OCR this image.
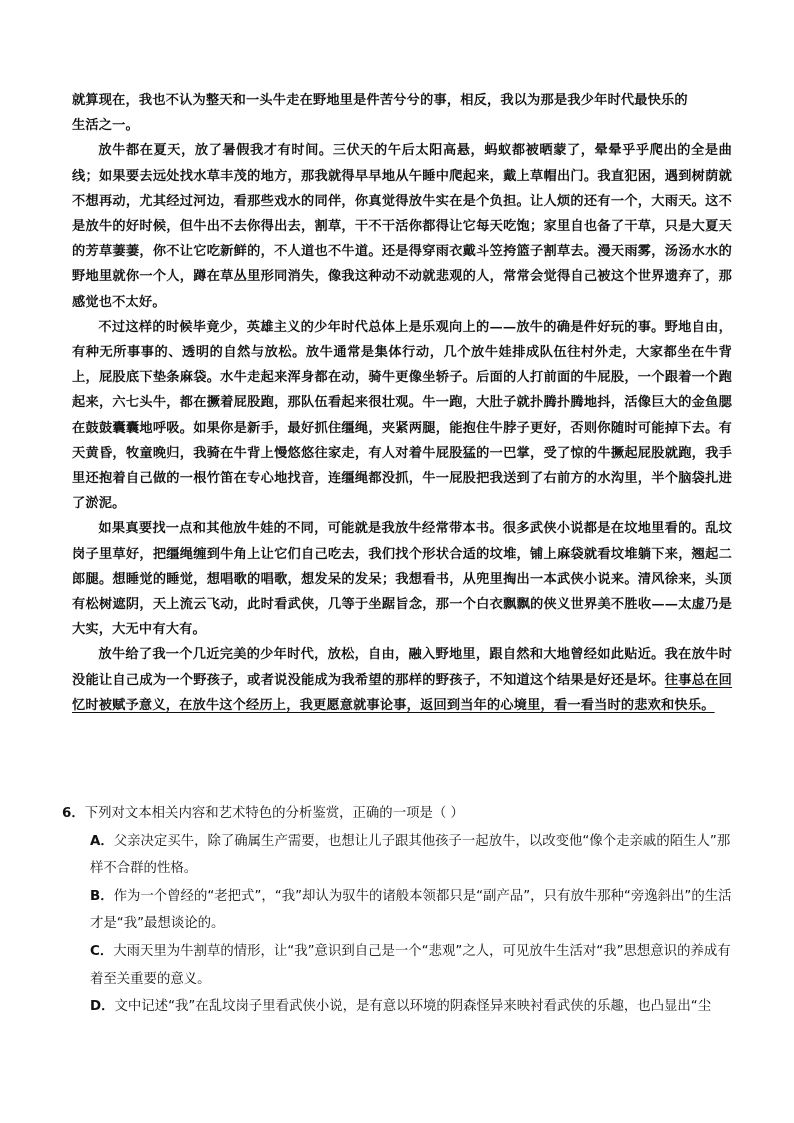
就算现在，我也不认为整天和一头牛走在野地里是件苦兮兮的事，相反，我以为那是我少年时代最快乐的
生活之一。

放牛都在夏天，放了暑假我才有时间。三伏天的午后太阳高悬，蚂蚁都被晒蒙了，晕晕乎乎爬出的全是曲线；如果要去远处找水草丰茂的地方，那我就得早早地从午睡中爬起来，戴上草帽出门。我直犯困，遇到树荫就不想再动，尤其经过河边，看那些戏水的同伴，你真觉得放牛实在是个负担。让人烦的还有一个，大雨天。这不是放牛的好时候，但牛出不去你得出去，割草，干不干活你都得让它每天吃饱；家里自也备了干草，只是大夏天的芳草萋萋，你不让它吃新鲜的，不人道也不牛道。还是得穿雨衣戴斗笠挎篮子割草去。漫天雨雾，汤汤水水的野地里就你一个人，蹲在草丛里形同消失，像我这种动不动就悲观的人，常常会觉得自己被这个世界遗弃了，那感觉也不太好。

不过这样的时候毕竟少，英雄主义的少年时代总体上是乐观向上的——放牛的确是件好玩的事。野地自由，有种无所事事的、透明的自然与放松。放牛通常是集体行动，几个放牛娃排成队伍往村外走，大家都坐在牛背上，屁股底下垫条麻袋。水牛走起来浑身都在动，骑牛更像坐轿子。后面的人打前面的牛屁股，一个跟着一个跑起来，六七头牛，都在撅着屁股跑，那队伍看起来很壮观。牛一跑，大肚子就扑腾扑腾地抖，活像巨大的金鱼腮在鼓鼓囊囊地呼吸。如果你是新手，最好抓住缰绳，夹紧两腿，能抱住牛脖子更好，否则你随时可能掉下去。有天黄昏，牧童晚归，我骑在牛背上慢悠悠往家走，有人对着牛屁股猛的一巴掌，受了惊的牛撅起屁股就跑，我手里还抱着自己做的一根竹笛在专心地找音，连缰绳都没抓，牛一屁股把我送到了右前方的水沟里，半个脑袋扎进了淤泥。

如果真要找一点和其他放牛娃的不同，可能就是我放牛经常带本书。很多武侠小说都是在坟地里看的。乱坟岗子里草好，把缰绳缠到牛角上让它们自己吃去，我们找个形状合适的坟堆，铺上麻袋就看坟堆躺下来，翘起二郎腿。想睡觉的睡觉，想唱歌的唱歌，想发呆的发呆；我想看书，从兜里掏出一本武侠小说来。清风徐来，头顶有松树遮阴，天上流云飞动，此时看武侠，几等于坐踞旨念，那一个白衣飘飘的侠义世界美不胜收——太虚乃是大实，大无中有大有。

放牛给了我一个几近完美的少年时代，放松，自由，融入野地里，跟自然和大地曾经如此贴近。我在放牛时没能让自己成为一个野孩子，或者说没能成为我希望的那样的野孩子，不知道这个结果是好还是坏。往事总在回忆时被赋予意义，在放牛这个经历上，我更愿意就事论事，返回到当年的心境里，看一看当时的悲欢和快乐。

6．下列对文本相关内容和艺术特色的分析鉴赏，正确的一项是（ ）

A．父亲决定买牛，除了确属生产需要，也想让儿子跟其他孩子一起放牛，以改变他“像个走亲戚的陌生人”那样不合群的性格。

B．作为一个曾经的“老把式”，“我”却认为驭牛的诸般本领都只是“副产品”，只有放牛那种“旁逸斜出”的生活才是“我”最想谈论的。

C．大雨天里为牛割草的情形，让“我”意识到自己是一个“悲观”之人，可见放牛生活对“我”思想意识的养成有着至关重要的意义。

D．文中记述“我”在乱坟岗子里看武侠小说，是有意以环境的阴森怪异来映衬看武侠的乐趣，也凸显出“尘
